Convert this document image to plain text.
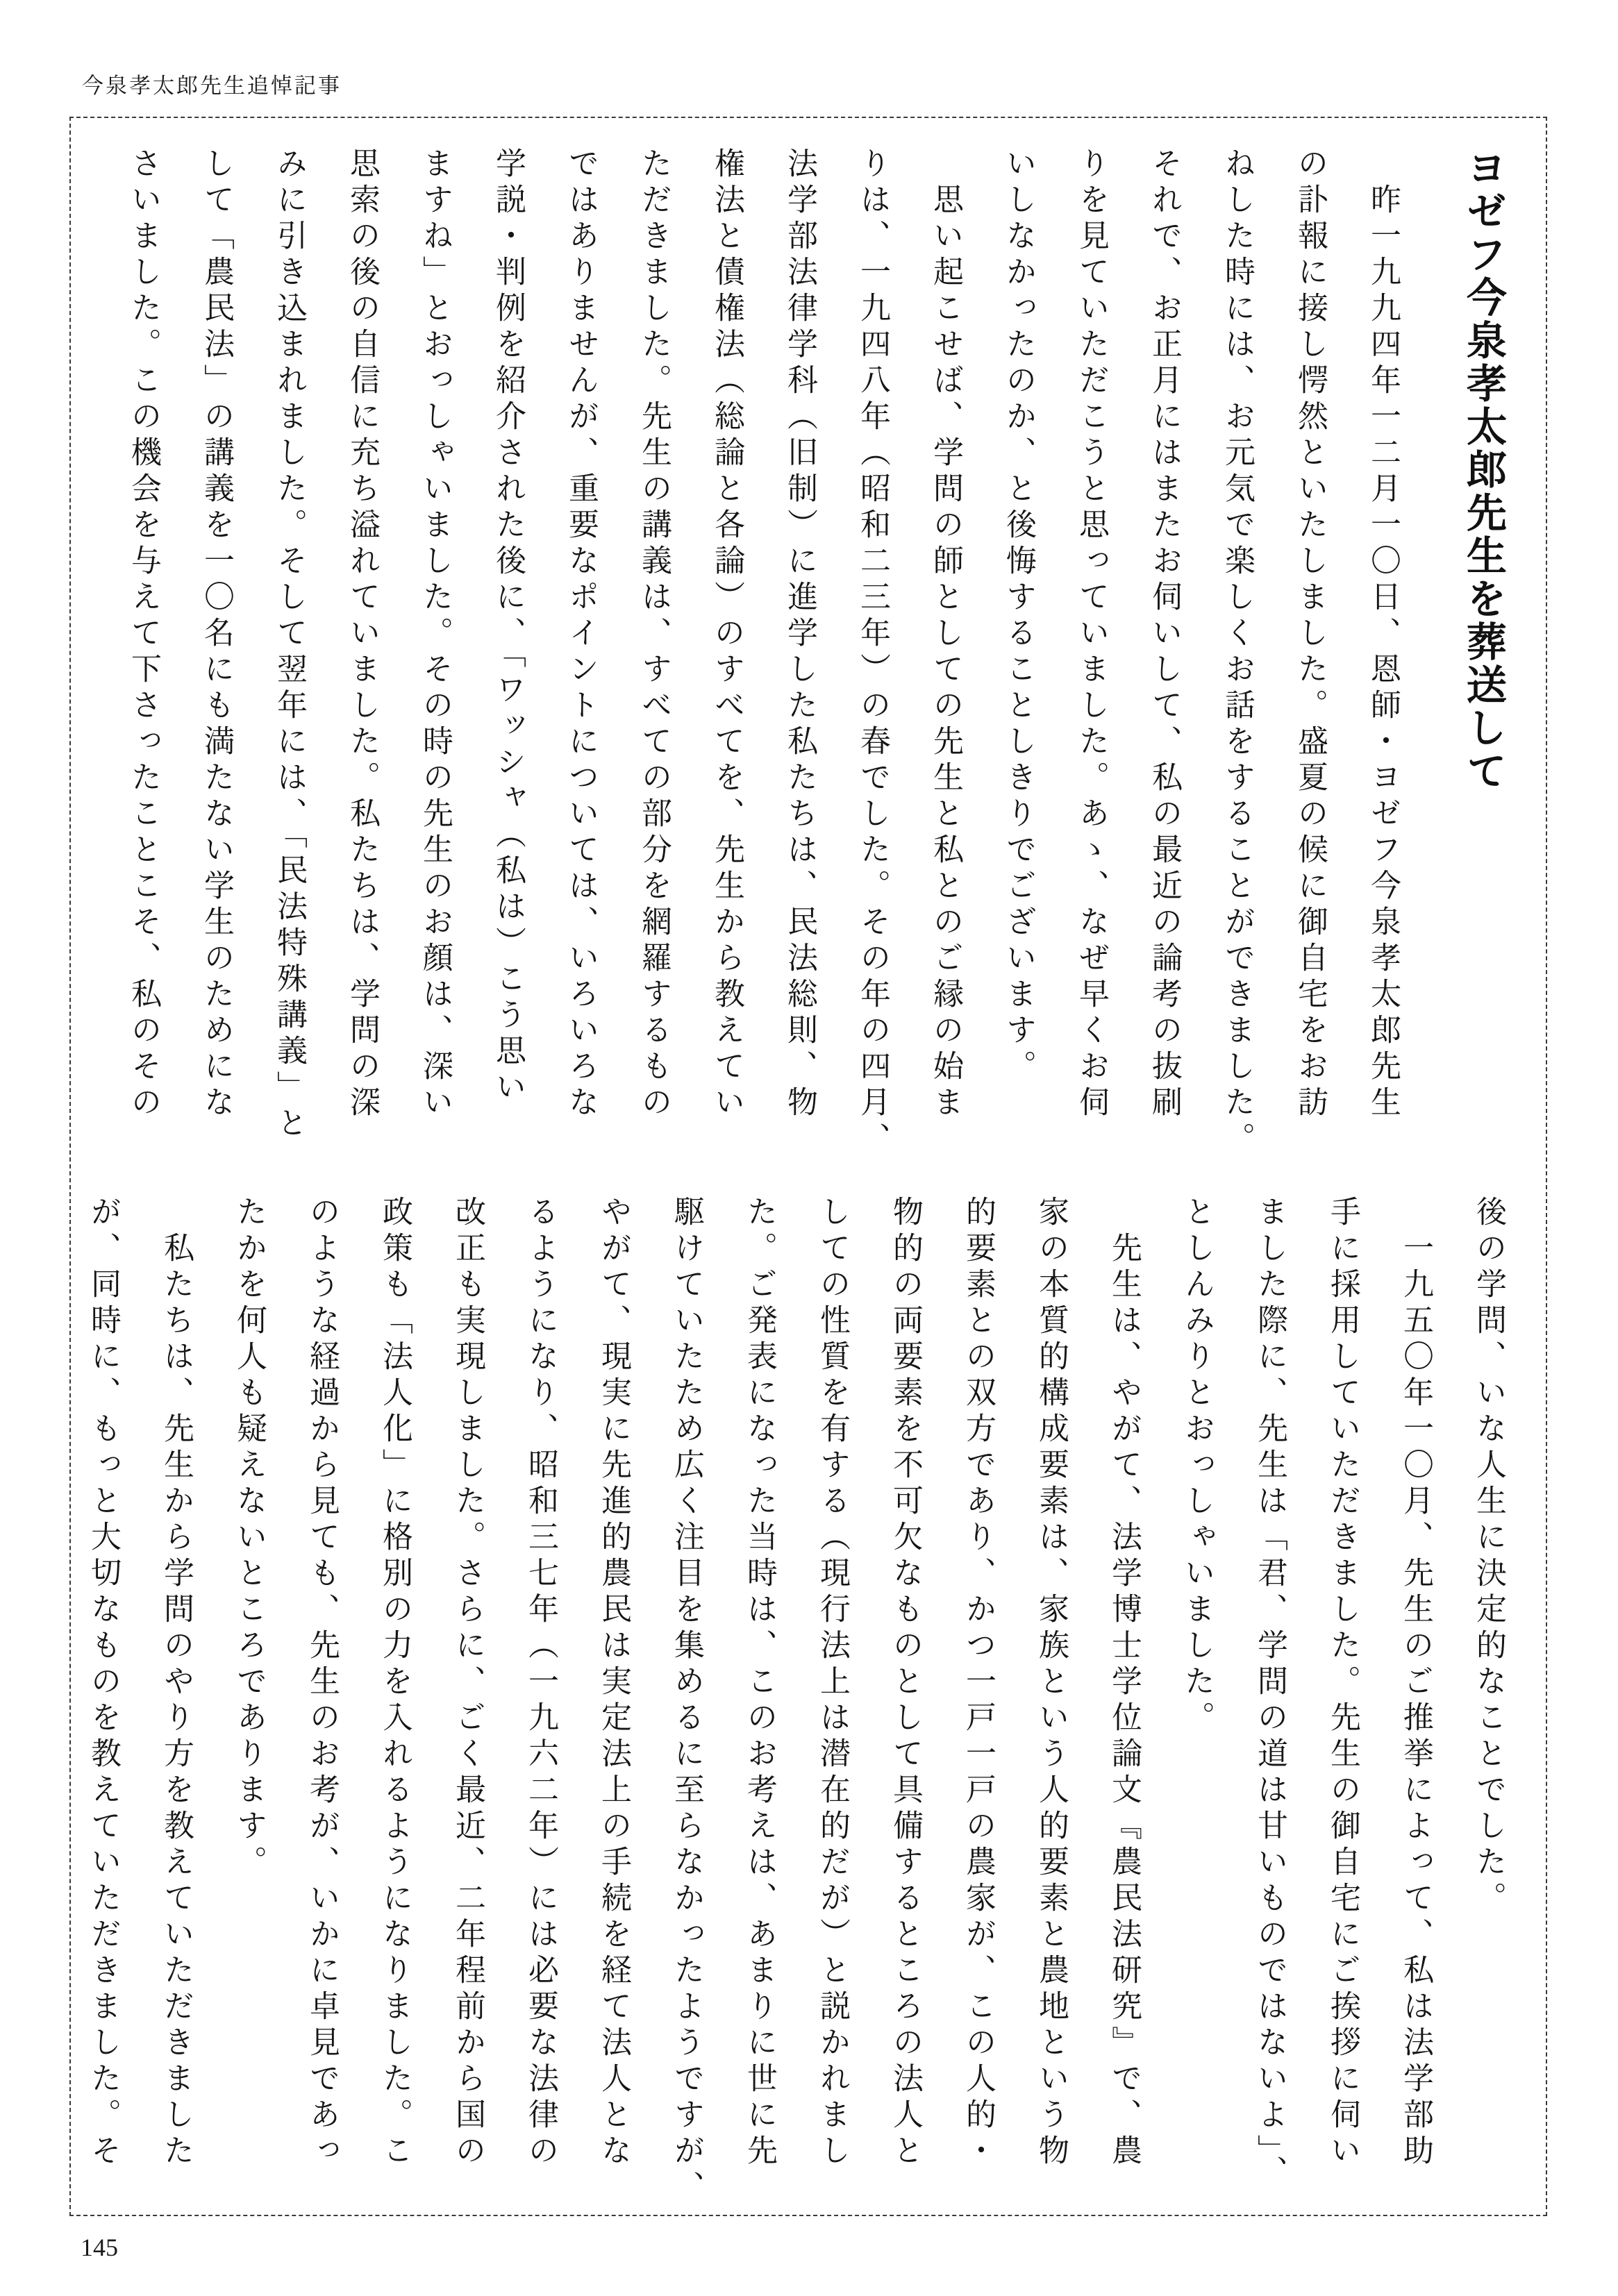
今泉孝太郎先生追悼記事
ヨゼフ今泉孝太郎先生を葬送して
　昨一九九四年一二月一〇日、恩師・ヨゼフ今泉孝太郎先生
の訃報に接し愕然といたしました。盛夏の候に御自宅をお訪
ねした時には、お元気で楽しくお話をすることができました。
それで、お正月にはまたお伺いして、私の最近の論考の抜刷
りを見ていただこうと思っていました。あゝ、なぜ早くお伺
いしなかったのか、と後悔することしきりでございます。
　思い起こせば、学問の師としての先生と私とのご縁の始ま
りは、一九四八年（昭和二三年）の春でした。その年の四月、
法学部法律学科（旧制）に進学した私たちは、民法総則、物
権法と債権法（総論と各論）のすべてを、先生から教えてい
ただきました。先生の講義は、すべての部分を網羅するもの
ではありませんが、重要なポイントについては、いろいろな
学説・判例を紹介された後に、「ワッシャ（私は）こう思い
ますね」とおっしゃいました。その時の先生のお顔は、深い
思索の後の自信に充ち溢れていました。私たちは、学問の深
みに引き込まれました。そして翌年には、「民法特殊講義」と
して「農民法」の講義を一〇名にも満たない学生のためにな
さいました。この機会を与えて下さったことこそ、私のその
後の学問、いな人生に決定的なことでした。
　一九五〇年一〇月、先生のご推挙によって、私は法学部助
手に採用していただきました。先生の御自宅にご挨拶に伺い
ました際に、先生は「君、学問の道は甘いものではないよ」、
としんみりとおっしゃいました。
　先生は、やがて、法学博士学位論文『農民法研究』で、農
家の本質的構成要素は、家族という人的要素と農地という物
的要素との双方であり、かつ一戸一戸の農家が、この人的・
物的の両要素を不可欠なものとして具備するところの法人と
しての性質を有する（現行法上は潜在的だが）と説かれまし
た。ご発表になった当時は、このお考えは、あまりに世に先
駆けていたため広く注目を集めるに至らなかったようですが、
やがて、現実に先進的農民は実定法上の手続を経て法人とな
るようになり、昭和三七年（一九六二年）には必要な法律の
改正も実現しました。さらに、ごく最近、二年程前から国の
政策も「法人化」に格別の力を入れるようになりました。こ
のような経過から見ても、先生のお考が、いかに卓見であっ
たかを何人も疑えないところであります。
　私たちは、先生から学問のやり方を教えていただきました
が、同時に、もっと大切なものを教えていただきました。そ
145
